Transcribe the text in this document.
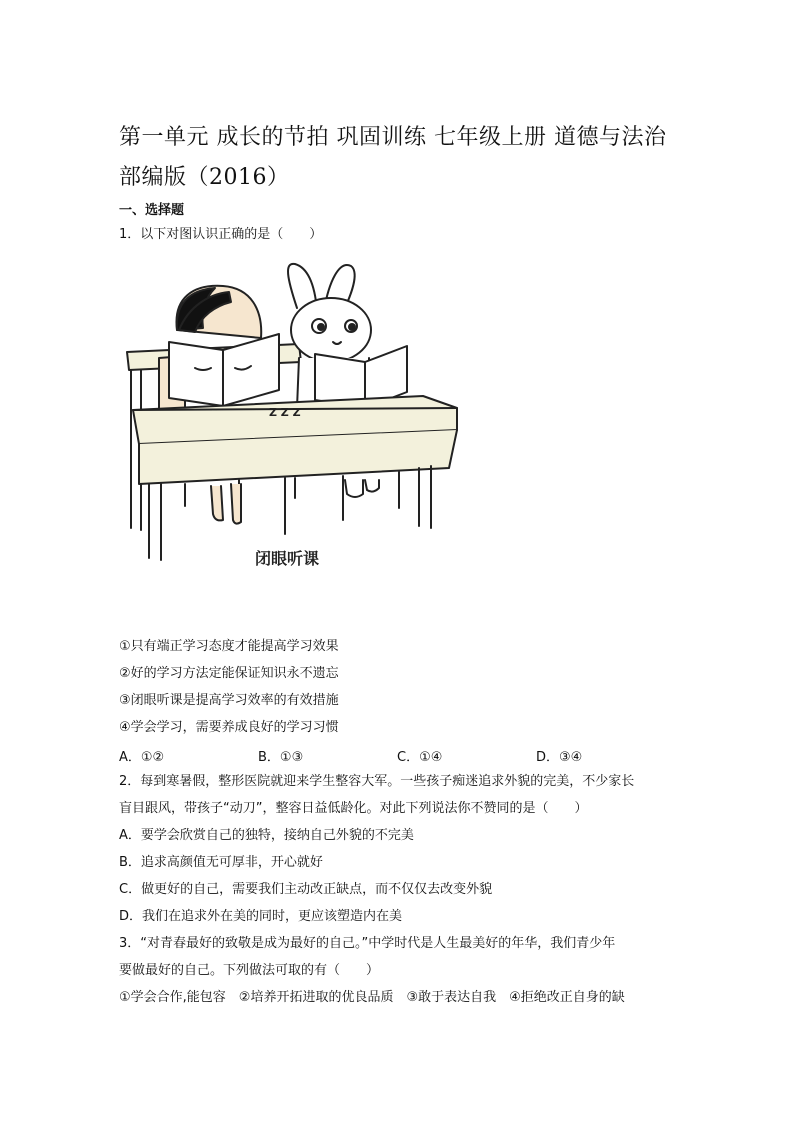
第一单元 成长的节拍 巩固训练 七年级上册 道德与法治 部编版（2016）
一、选择题
1．以下对图认识正确的是（　　）
Z Z Z
闭眼听课
①只有端正学习态度才能提高学习效果
②好的学习方法定能保证知识永不遗忘
③闭眼听课是提高学习效率的有效措施
④学会学习，需要养成良好的学习习惯
A．①②	B．①③	C．①④	D．③④
2．每到寒暑假，整形医院就迎来学生整容大军。一些孩子痴迷追求外貌的完美，不少家长
盲目跟风，带孩子“动刀”，整容日益低龄化。对此下列说法你不赞同的是（　　）
A．要学会欣赏自己的独特，接纳自己外貌的不完美
B．追求高颜值无可厚非，开心就好
C．做更好的自己，需要我们主动改正缺点，而不仅仅去改变外貌
D．我们在追求外在美的同时，更应该塑造内在美
3．“对青春最好的致敬是成为最好的自己。”中学时代是人生最美好的年华，我们青少年
要做最好的自己。下列做法可取的有（　　）
①学会合作,能包容　②培养开拓进取的优良品质　③敢于表达自我　④拒绝改正自身的缺
